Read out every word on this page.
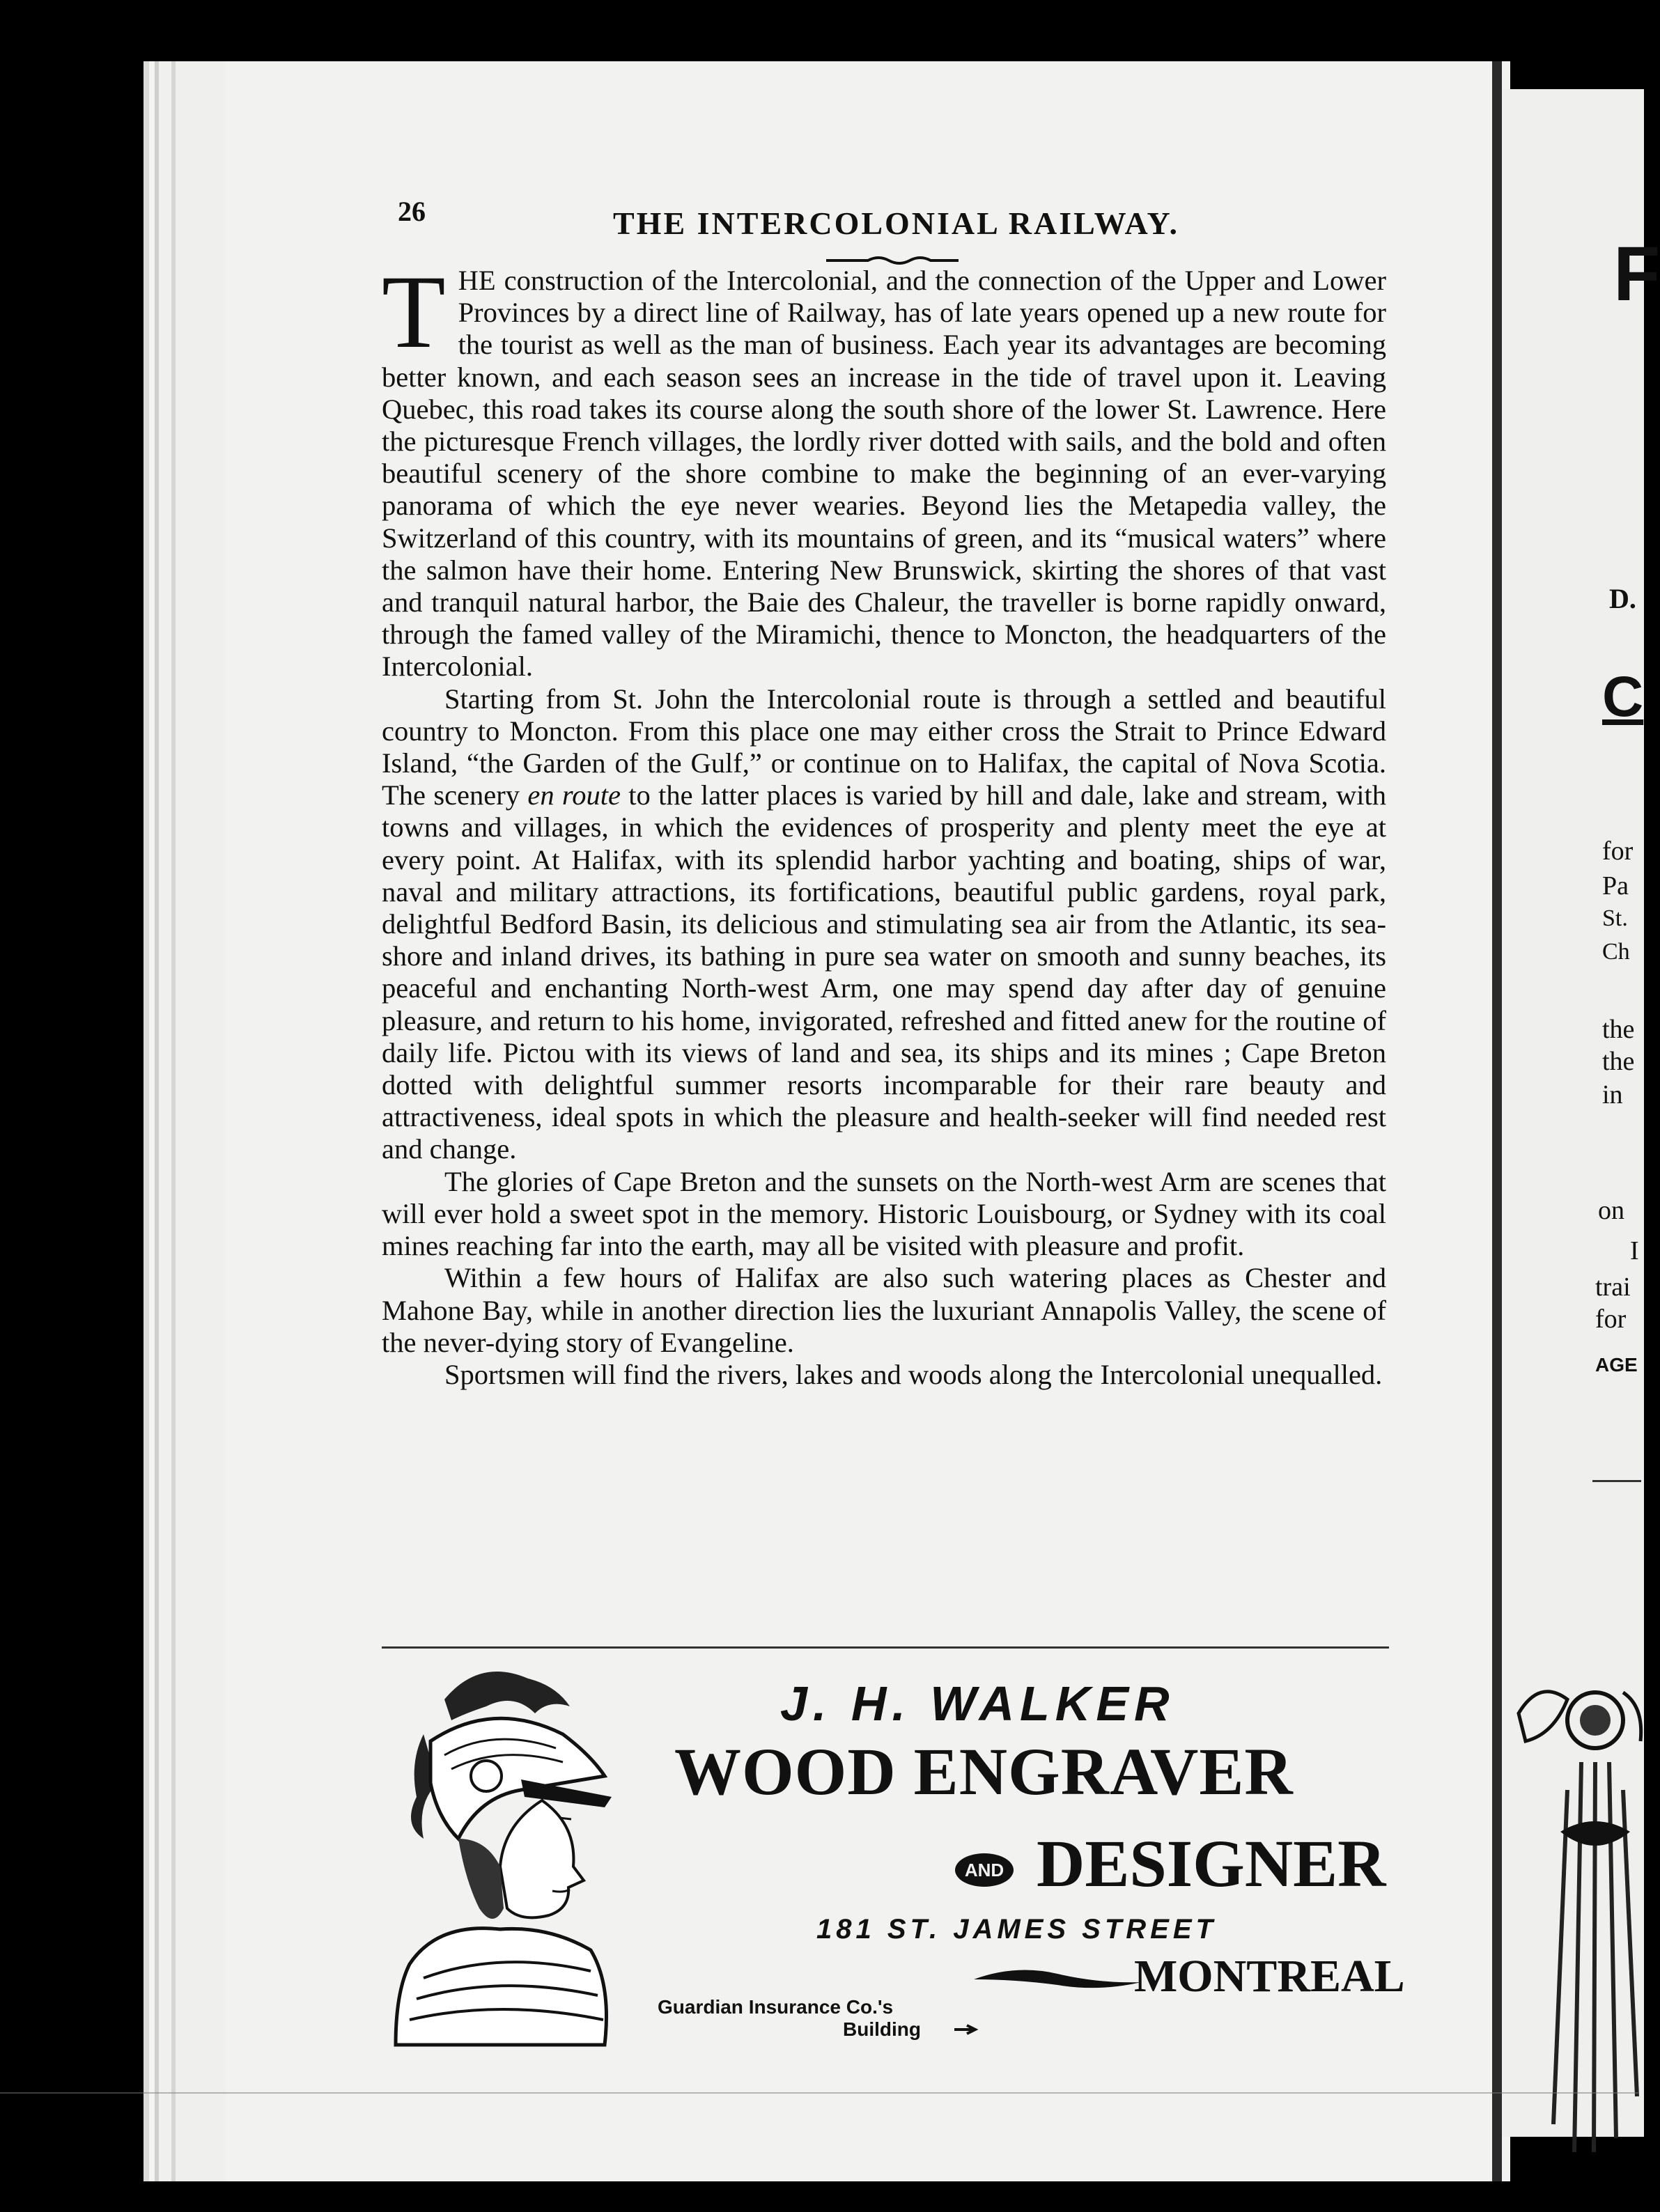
26	THE INTERCOLONIAL RAILWAY.

THE construction of the Intercolonial, and the connection of the Upper and Lower Provinces by a direct line of Railway, has of late years opened up a new route for the tourist as well as the man of business. Each year its advantages are becoming better known, and each season sees an increase in the tide of travel upon it. Leaving Quebec, this road takes its course along the south shore of the lower St. Lawrence. Here the picturesque French villages, the lordly river dotted with sails, and the bold and often beautiful scenery of the shore combine to make the beginning of an ever-varying panorama of which the eye never wearies. Beyond lies the Metapedia valley, the Switzerland of this country, with its mountains of green, and its “musical waters” where the salmon have their home. Entering New Brunswick, skirting the shores of that vast and tranquil natural harbor, the Baie des Chaleur, the traveller is borne rapidly onward, through the famed valley of the Miramichi, thence to Moncton, the headquarters of the Intercolonial.

Starting from St. John the Intercolonial route is through a settled and beautiful country to Moncton. From this place one may either cross the Strait to Prince Edward Island, “the Garden of the Gulf,” or continue on to Halifax, the capital of Nova Scotia. The scenery en route to the latter places is varied by hill and dale, lake and stream, with towns and villages, in which the evidences of prosperity and plenty meet the eye at every point. At Halifax, with its splendid harbor yachting and boating, ships of war, naval and military attractions, its fortifications, beautiful public gardens, royal park, delightful Bedford Basin, its delicious and stimulating sea air from the Atlantic, its sea-shore and inland drives, its bathing in pure sea water on smooth and sunny beaches, its peaceful and enchanting North-west Arm, one may spend day after day of genuine pleasure, and return to his home, invigorated, refreshed and fitted anew for the routine of daily life. Pictou with its views of land and sea, its ships and its mines ; Cape Breton dotted with delightful summer resorts incomparable for their rare beauty and attractiveness, ideal spots in which the pleasure and health-seeker will find needed rest and change.

The glories of Cape Breton and the sunsets on the North-west Arm are scenes that will ever hold a sweet spot in the memory. Historic Louisbourg, or Sydney with its coal mines reaching far into the earth, may all be visited with pleasure and profit.

Within a few hours of Halifax are also such watering places as Chester and Mahone Bay, while in another direction lies the luxuriant Annapolis Valley, the scene of the never-dying story of Evangeline.

Sportsmen will find the rivers, lakes and woods along the Intercolonial unequalled.

J. H. WALKER
WOOD ENGRAVER
AND DESIGNER
181 ST. JAMES STREET
MONTREAL
Guardian Insurance Co.'s
Building
F
D.
C
for
Pa
St.
Ch
the
the
in
on
I
trai
for
AGE
